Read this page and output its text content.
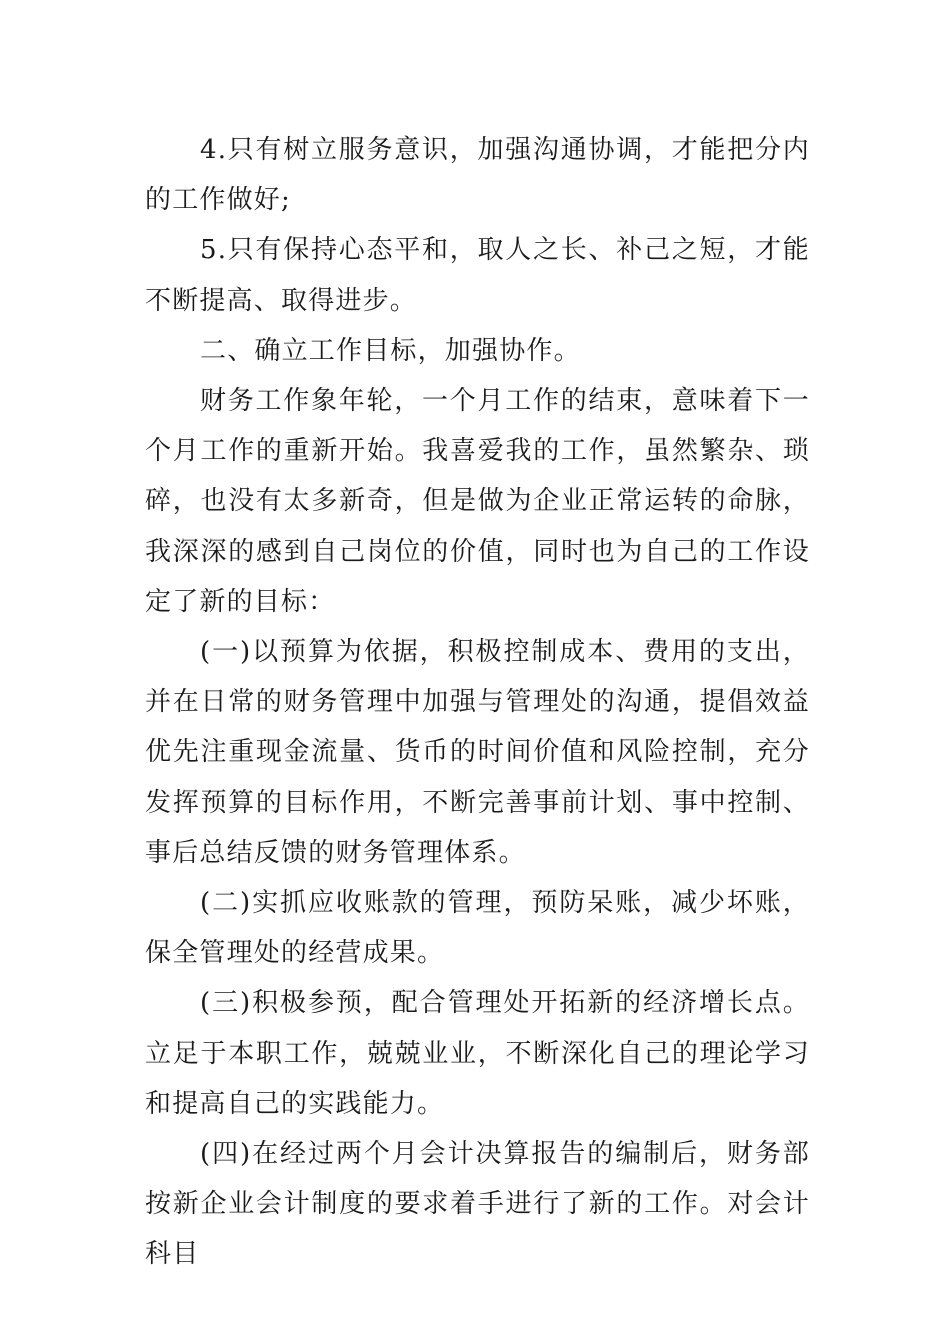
4.只有树立服务意识，加强沟通协调，才能把分内的工作做好;

5.只有保持心态平和，取人之长、补己之短，才能不断提高、取得进步。

二、确立工作目标，加强协作。

财务工作象年轮，一个月工作的结束，意味着下一个月工作的重新开始。我喜爱我的工作，虽然繁杂、琐碎，也没有太多新奇，但是做为企业正常运转的命脉，我深深的感到自己岗位的价值，同时也为自己的工作设定了新的目标：

(一)以预算为依据，积极控制成本、费用的支出，并在日常的财务管理中加强与管理处的沟通，提倡效益优先注重现金流量、货币的时间价值和风险控制，充分发挥预算的目标作用，不断完善事前计划、事中控制、事后总结反馈的财务管理体系。

(二)实抓应收账款的管理，预防呆账，减少坏账，保全管理处的经营成果。

(三)积极参预，配合管理处开拓新的经济增长点。立足于本职工作，兢兢业业，不断深化自己的理论学习和提高自己的实践能力。

(四)在经过两个月会计决算报告的编制后，财务部按新企业会计制度的要求着手进行了新的工作。对会计科目
